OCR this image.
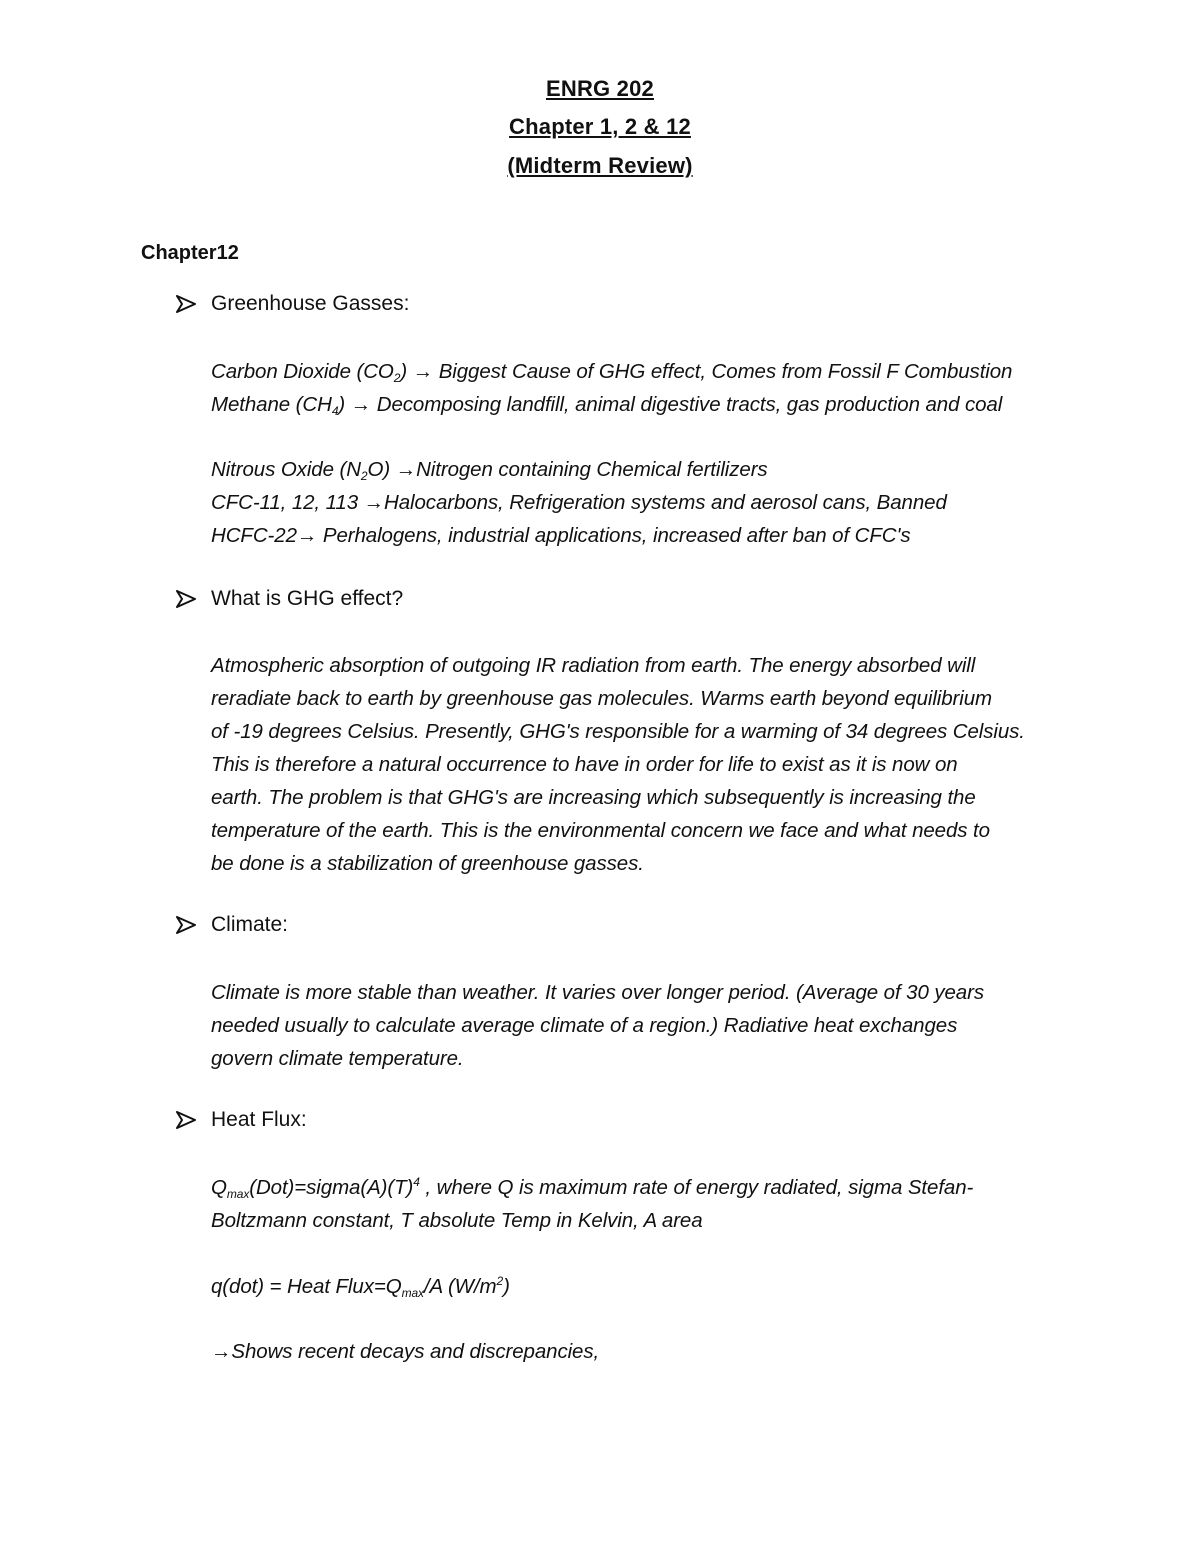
ENRG 202
Chapter 1, 2 & 12
(Midterm Review)
Chapter12
Greenhouse Gasses:
Carbon Dioxide $(CO_2)$ → Biggest Cause of GHG effect, Comes from Fossil F Combustion
Methane $(CH_4)$ → Decomposing landfill, animal digestive tracts, gas production and coal
Nitrous Oxide $(N_2O)$ →Nitrogen containing Chemical fertilizers
CFC-11, 12, 113 →Halocarbons, Refrigeration systems and aerosol cans, Banned
HCFC-22→ Perhalogens, industrial applications, increased after ban of CFC's
What is GHG effect?
Atmospheric absorption of outgoing IR radiation from earth. The energy absorbed will
reradiate back to earth by greenhouse gas molecules. Warms earth beyond equilibrium
of -19 degrees Celsius. Presently, GHG's responsible for a warming of 34 degrees Celsius.
This is therefore a natural occurrence to have in order for life to exist as it is now on
earth. The problem is that GHG's are increasing which subsequently is increasing the
temperature of the earth. This is the environmental concern we face and what needs to
be done is a stabilization of greenhouse gasses.
Climate:
Climate is more stable than weather. It varies over longer period. (Average of 30 years
needed usually to calculate average climate of a region.) Radiative heat exchanges
govern climate temperature.
Heat Flux:
$Q_{max}(Dot)=sigma(A)(T)^4$ , where Q is maximum rate of energy radiated, sigma Stefan-
Boltzmann constant, T absolute Temp in Kelvin, A area
q(dot) = Heat $Flux=Q_{max}/A$ $(W/m^2)$
→Shows recent decays and discrepancies,
